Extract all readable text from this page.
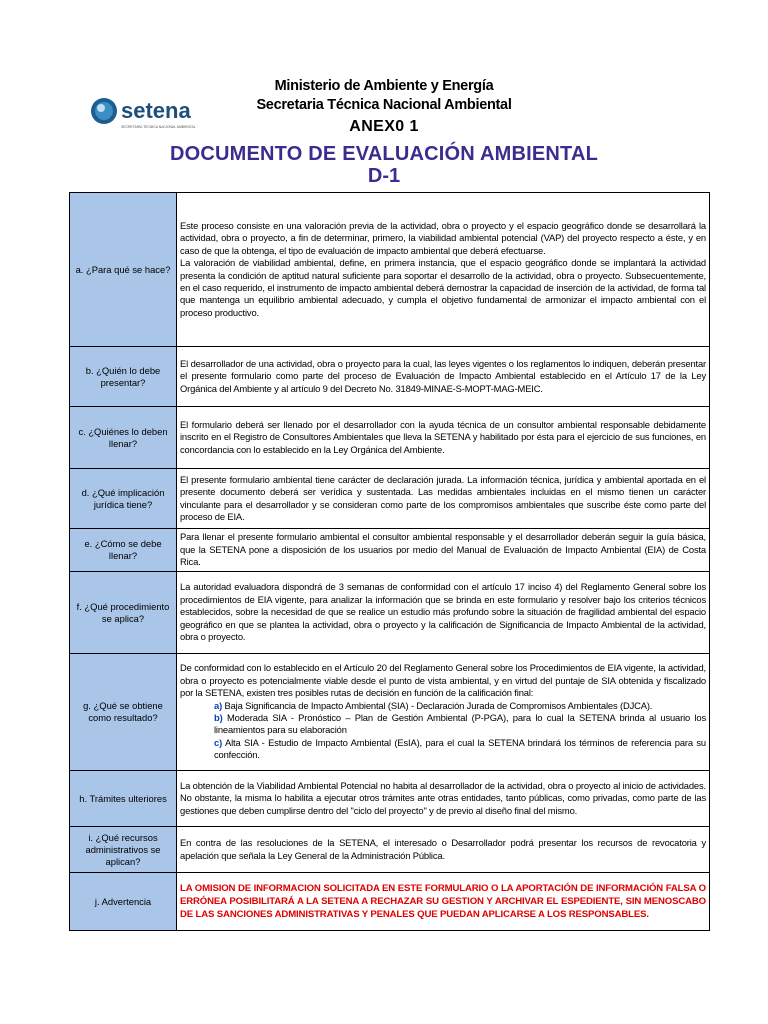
setena
SECRETARÍA TÉCNICA NACIONAL AMBIENTAL
Ministerio de Ambiente y Energía
Secretaria Técnica Nacional Ambiental
ANEX0 1
DOCUMENTO DE EVALUACIÓN AMBIENTAL
D-1
a. ¿Para qué se hace?	Este proceso consiste en una valoración previa de la actividad, obra o proyecto y el espacio geográfico donde se desarrollará la actividad, obra o proyecto, a fin de determinar, primero, la viabilidad ambiental potencial (VAP) del proyecto respecto a éste, y en caso de que la obtenga, el tipo de evaluación de impacto ambiental que deberá efectuarse.

La valoración de viabilidad ambiental, define, en primera instancia, que el espacio geográfico donde se implantará la actividad presenta la condición de aptitud natural suficiente para soportar el desarrollo de la actividad, obra o proyecto. Subsecuentemente, en el caso requerido, el instrumento de impacto ambiental deberá demostrar la capacidad de inserción de la actividad, de forma tal que mantenga un equilibrio ambiental adecuado, y cumpla el objetivo fundamental de armonizar el impacto ambiental con el proceso productivo.

b. ¿Quién lo debe presentar?	El desarrollador de una actividad, obra o proyecto para la cual, las leyes vigentes o los reglamentos lo indiquen, deberán presentar el presente formulario como parte del proceso de Evaluación de Impacto Ambiental establecido en el Artículo 17 de la Ley Orgánica del Ambiente y al artículo 9 del Decreto No. 31849-MINAE-S-MOPT-MAG-MEIC.

c. ¿Quiénes lo deben llenar?	El formulario deberá ser llenado por el desarrollador con la ayuda técnica de un consultor ambiental responsable debidamente inscrito en el Registro de Consultores Ambientales que lleva la SETENA y habilitado por ésta para el ejercicio de sus funciones, en concordancia con lo establecido en la Ley Orgánica del Ambiente.

d. ¿Qué implicación jurídica tiene?	El presente formulario ambiental tiene carácter de declaración jurada. La información técnica, jurídica y ambiental aportada en el presente documento deberá ser verídica y sustentada. Las medidas ambientales incluidas en el mismo tienen un carácter vinculante para el desarrollador y se consideran como parte de los compromisos ambientales que suscribe éste como parte del proceso de EIA.

e. ¿Cómo se debe llenar?	Para llenar el presente formulario ambiental el consultor ambiental responsable y el desarrollador deberán seguir la guía básica, que la SETENA pone a disposición de los usuarios por medio del Manual de Evaluación de Impacto Ambiental (EIA) de Costa Rica.

f. ¿Qué procedimiento se aplica?	La autoridad evaluadora dispondrá de 3 semanas de conformidad con el artículo 17 inciso 4) del Reglamento General sobre los procedimientos de EIA vigente, para analizar la información que se brinda en este formulario y resolver bajo los criterios técnicos establecidos, sobre la necesidad de que se realice un estudio más profundo sobre la situación de fragilidad ambiental del espacio geográfico en que se plantea la actividad, obra o proyecto y la calificación de Significancia de Impacto Ambiental de la actividad, obra o proyecto.

g. ¿Qué se obtiene como resultado?	De conformidad con lo establecido en el Artículo 20 del Reglamento General sobre los Procedimientos de EIA vigente, la actividad, obra o proyecto es potencialmente viable desde el punto de vista ambiental, y en virtud del puntaje de SIA obtenida y fiscalizado por la SETENA, existen tres posibles rutas de decisión en función de la calificación final:

a) Baja Significancia de Impacto Ambiental (SIA) - Declaración Jurada de Compromisos Ambientales (DJCA).

b) Moderada SIA - Pronóstico – Plan de Gestión Ambiental (P-PGA), para lo cual la SETENA brinda al usuario los lineamientos para su elaboración

c) Alta SIA - Estudio de Impacto Ambiental (EsIA), para el cual la SETENA brindará los términos de referencia para su confección.

h. Trámites ulteriores	La obtención de la Viabilidad Ambiental Potencial no habita al desarrollador de la actividad, obra o proyecto al inicio de actividades. No obstante, la misma lo habilita a ejecutar otros trámites ante otras entidades, tanto públicas, como privadas, como parte de las gestiones que deben cumplirse dentro del "ciclo del proyecto" y de previo al diseño final del mismo.

i. ¿Qué recursos administrativos se aplican?	En contra de las resoluciones de la SETENA, el interesado o Desarrollador podrá presentar los recursos de revocatoria y apelación que señala la Ley General de la Administración Pública.

j. Advertencia	LA OMISION DE INFORMACION SOLICITADA EN ESTE FORMULARIO O LA APORTACIÓN DE INFORMACIÓN FALSA O ERRÓNEA POSIBILITARÁ A LA SETENA A RECHAZAR SU GESTION Y ARCHIVAR EL ESPEDIENTE, SIN MENOSCABO DE LAS SANCIONES ADMINISTRATIVAS Y PENALES QUE PUEDAN APLICARSE A LOS RESPONSABLES.
